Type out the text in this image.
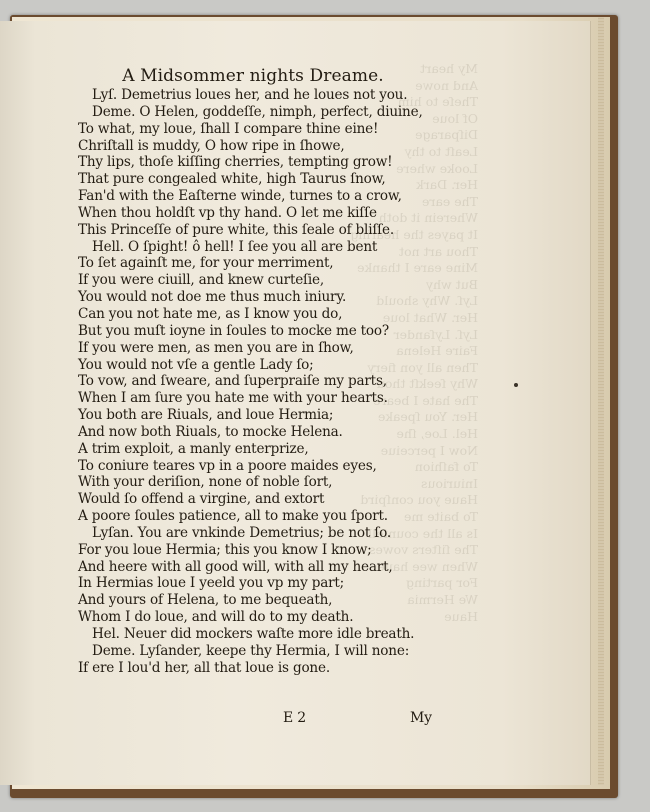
My heart
And nowe
Theſe to him
Of loue
Diſparage
Leaſt to thy
Looke where
Her. Dark
The eare
Wherein it doth
It payes the hearing
Thou art not
Mine eare I thanke
But why
Lyſ. Why should
Her. What loue
Lyſ. Lyſander
Faire Helena
Then all yon fiery
Why ſeekſt thou
The hate I beare
Her. You ſpeake
Hel. Loe, ſhe
Now I perceiue
To faſhion
Iniurious
Haue you conſpird
To baite me
Is all the counſell
The ſiſters vowes
When wee haue
For parting
We Hermia
Haue
A Midsommer nights Dreame.
Lyſ. Demetrius loues her, and he loues not you.
Deme. O Helen, goddeſſe, nimph, perfect, diuine,
To what, my loue, ſhall I compare thine eine!
Chriſtall is muddy, O how ripe in ſhowe,
Thy lips, thoſe kiſſing cherries, tempting grow!
That pure congealed white, high Taurus ſnow,
Fan'd with the Eaſterne winde, turnes to a crow,
When thou holdſt vp thy hand. O let me kiſſe
This Princeſſe of pure white, this ſeale of bliſſe.
Hell. O ſpight! ô hell! I ſee you all are bent
To ſet againſt me, for your merriment,
If you were ciuill, and knew curteſie,
You would not doe me thus much iniury.
Can you not hate me, as I know you do,
But you muſt ioyne in ſoules to mocke me too?
If you were men, as men you are in ſhow,
You would not vſe a gentle Lady ſo;
To vow, and ſweare, and ſuperpraiſe my parts,
When I am ſure you hate me with your hearts.
You both are Riuals, and loue Hermia;
And now both Riuals, to mocke Helena.
A trim exploit, a manly enterprize,
To coniure teares vp in a poore maides eyes,
With your deriſion, none of noble ſort,
Would ſo offend a virgine, and extort
A poore ſoules patience, all to make you ſport.
Lyſan. You are vnkinde Demetrius; be not ſo.
For you loue Hermia; this you know I know;
And heere with all good will, with all my heart,
In Hermias loue I yeeld you vp my part;
And yours of Helena, to me bequeath,
Whom I do loue, and will do to my death.
Hel. Neuer did mockers waſte more idle breath.
Deme. Lyſander, keepe thy Hermia, I will none:
If ere I lou'd her, all that loue is gone.
E 2	My
